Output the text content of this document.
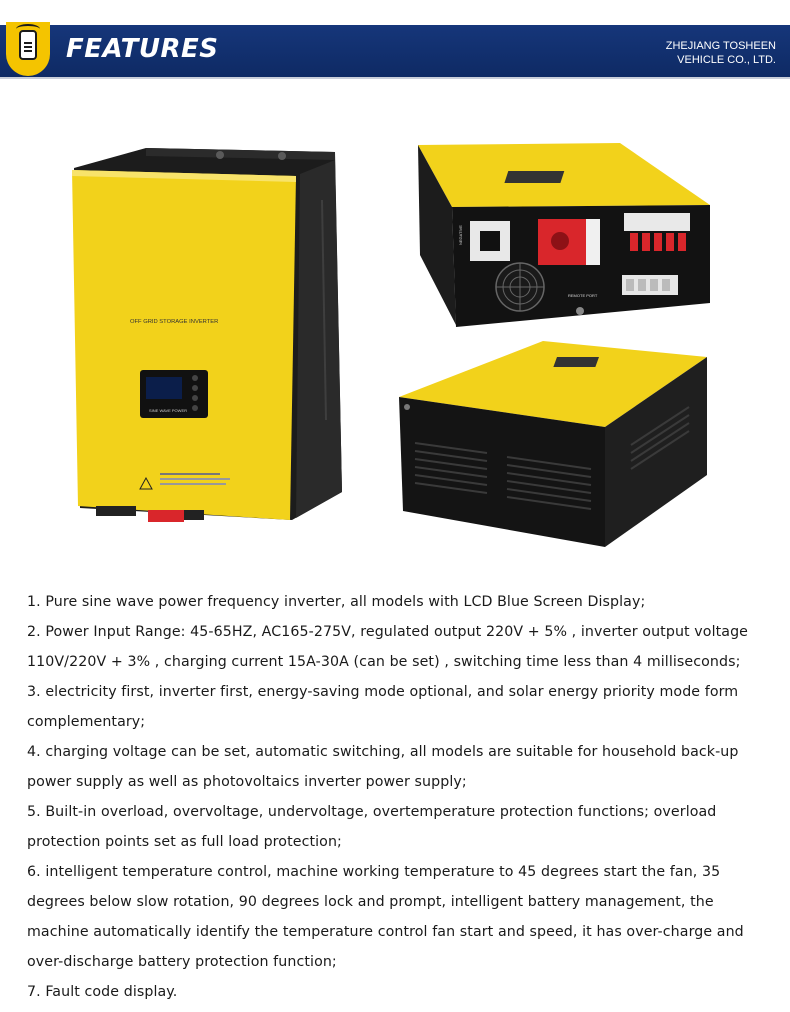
FEATURES	ZHEJIANG TOSHEEN
VEHICLE CO., LTD.
OFF GRID STORAGE INVERTER
SINE WAVE POWER
NEGATIVE
REMOTE PORT

1. Pure sine wave power frequency inverter, all models with LCD Blue Screen Display;

2. Power Input Range: 45-65HZ, AC165-275V, regulated output 220V + 5% , inverter output voltage 110V/220V + 3% , charging current 15A-30A (can be set) , switching time less than 4 milliseconds;

3. electricity first, inverter first, energy-saving mode optional, and solar energy priority mode form complementary;

4. charging voltage can be set, automatic switching, all models are suitable for household back-up power supply as well as photovoltaics inverter power supply;

5. Built-in overload, overvoltage, undervoltage, overtemperature protection functions; overload protection points set as full load protection;

6. intelligent temperature control, machine working temperature to 45 degrees start the fan, 35 degrees below slow rotation, 90 degrees lock and prompt, intelligent battery management, the machine automatically identify the temperature control fan start and speed, it has over-charge and over-discharge battery protection function;

7. Fault code display.
